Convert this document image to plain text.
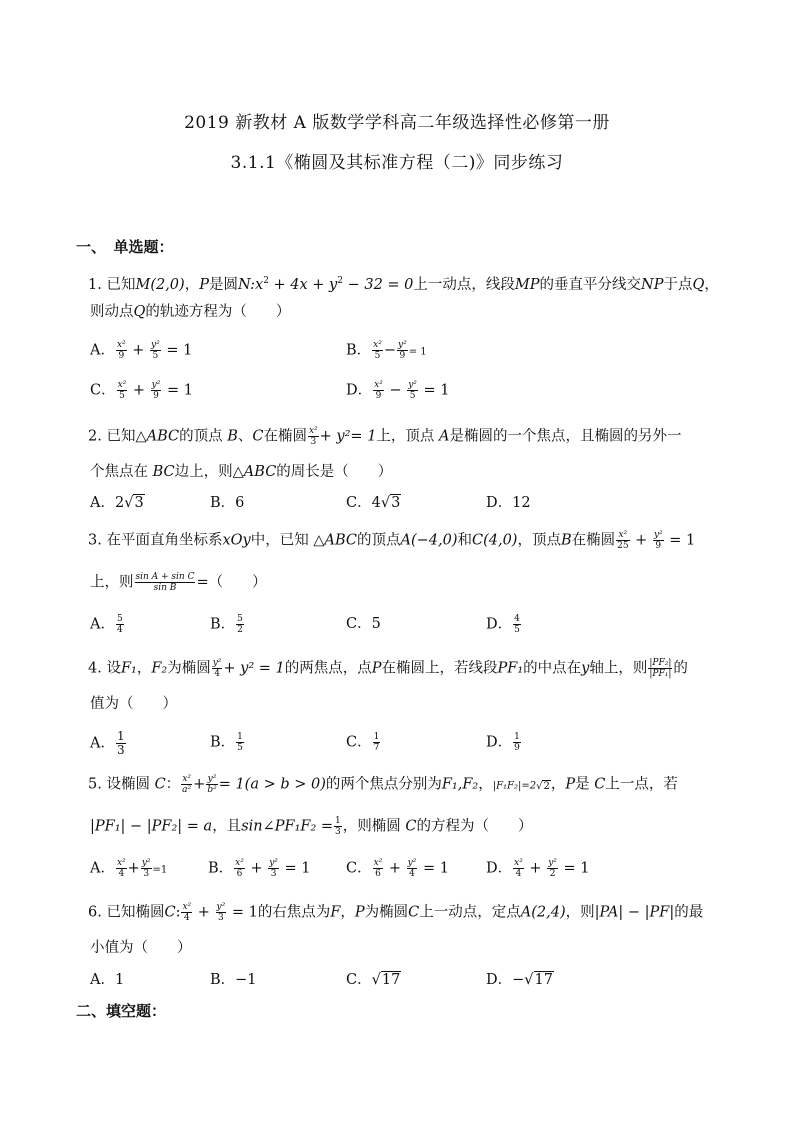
2019 新教材 A 版数学学科高二年级选择性必修第一册
3.1.1《椭圆及其标准方程（二)》同步练习
一、　单选题：
1. 已知M(2,0)，P是圆$N:x^2 + 4x + y^2 - 32 = 0$上一动点，线段MP的垂直平分线交NP于点Q，
则动点Q的轨迹方程为（　　）
A． $\frac{\text{x²}}{9} + \frac{\text{y²}}{5} = 1$	B． $\frac{\text{x²}}{5} - \frac{\text{y²}}{9} = 1$
C． $\frac{\text{x²}}{5} + \frac{\text{y²}}{9} = 1$	D． $\frac{\text{x²}}{9} - \frac{\text{y²}}{5} = 1$
2. 已知△ABC的顶点 B、C在椭圆 $\frac{\text{x²}}{3} + y^2= 1$上，顶点 A是椭圆的一个焦点，且椭圆的另外一
个焦点在 BC边上，则△ABC的周长是（　　）
A．2√3	B．6	C．4√3	D．12
3. 在平面直角坐标系xOy中，已知 △ABC的顶点A(−4,0)和C(4,0)，顶点B在椭圆 $\frac{\text{x²}}{25} + \frac{\text{y²}}{9} = 1$
上，则 $\frac{\text{sin A + sin C}}{\text{sin B}}$ =（　　）
A． $\frac{5}{4}$	B． $\frac{5}{2}$	C．5	D． $\frac{4}{5}$
4. 设F₁，F₂为椭圆 $\frac{\text{y²}}{4} + y^2 = 1$的两焦点，点P在椭圆上，若线段PF₁的中点在y轴上，则 $\frac{\text{|PF₂|}}{\text{|PF₁|}}$ 的
值为（　　）
A． $\frac{1}{3}$	B． $\frac{1}{5}$	C． $\frac{1}{7}$	D． $\frac{1}{9}$
5. 设椭圆 C： $\frac{\text{x²}}{\text{a²}} + \frac{\text{y²}}{\text{b²}} = 1(a > b > 0)$的两个焦点分别为F₁,F₂，|F₁F₂|=2√2，P是 C上一点，若
|PF₁| − |PF₂| = a，且sin∠PF₁F₂ = $\frac{1}{3}$ ，则椭圆 C的方程为（　　）
A． $\frac{\text{x²}}{4} + \frac{\text{y²}}{3} =1$	B． $\frac{\text{x²}}{6} + \frac{\text{y²}}{3} = 1$ C． $\frac{\text{x²}}{6} + \frac{\text{y²}}{4} = 1$	D． $\frac{\text{x²}}{4} + \frac{\text{y²}}{2} = 1$
6. 已知椭圆C: $\frac{\text{x²}}{4} + \frac{\text{y²}}{3} = 1$的右焦点为F，P为椭圆C上一动点，定点A(2,4)，则|PA| − |PF|的最
小值为（　　）
A．1	B．−1	C．√17	D．−√17
二、填空题：
